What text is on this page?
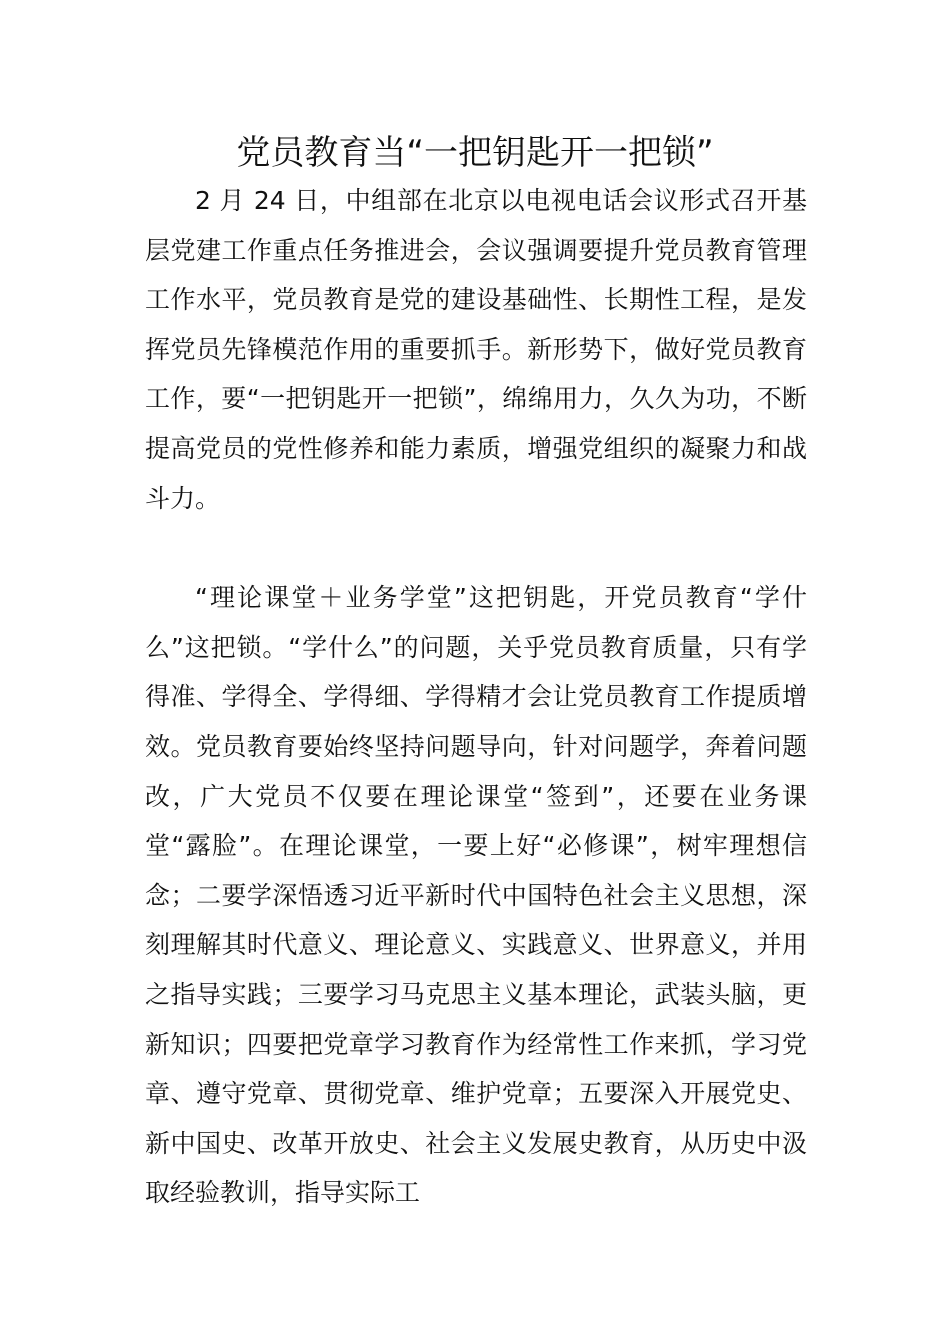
党员教育当“一把钥匙开一把锁”

2 月 24 日，中组部在北京以电视电话会议形式召开基层党建工作重点任务推进会，会议强调要提升党员教育管理工作水平，党员教育是党的建设基础性、长期性工程，是发挥党员先锋模范作用的重要抓手。新形势下，做好党员教育工作，要“一把钥匙开一把锁”，绵绵用力，久久为功，不断提高党员的党性修养和能力素质，增强党组织的凝聚力和战斗力。

“理论课堂＋业务学堂”这把钥匙，开党员教育“学什么”这把锁。“学什么”的问题，关乎党员教育质量，只有学得准、学得全、学得细、学得精才会让党员教育工作提质增效。党员教育要始终坚持问题导向，针对问题学，奔着问题改，广大党员不仅要在理论课堂“签到”，还要在业务课堂“露脸”。在理论课堂，一要上好“必修课”，树牢理想信念；二要学深悟透习近平新时代中国特色社会主义思想，深刻理解其时代意义、理论意义、实践意义、世界意义，并用之指导实践；三要学习马克思主义基本理论，武装头脑，更新知识；四要把党章学习教育作为经常性工作来抓，学习党章、遵守党章、贯彻党章、维护党章；五要深入开展党史、新中国史、改革开放史、社会主义发展史教育，从历史中汲取经验教训，指导实际工
